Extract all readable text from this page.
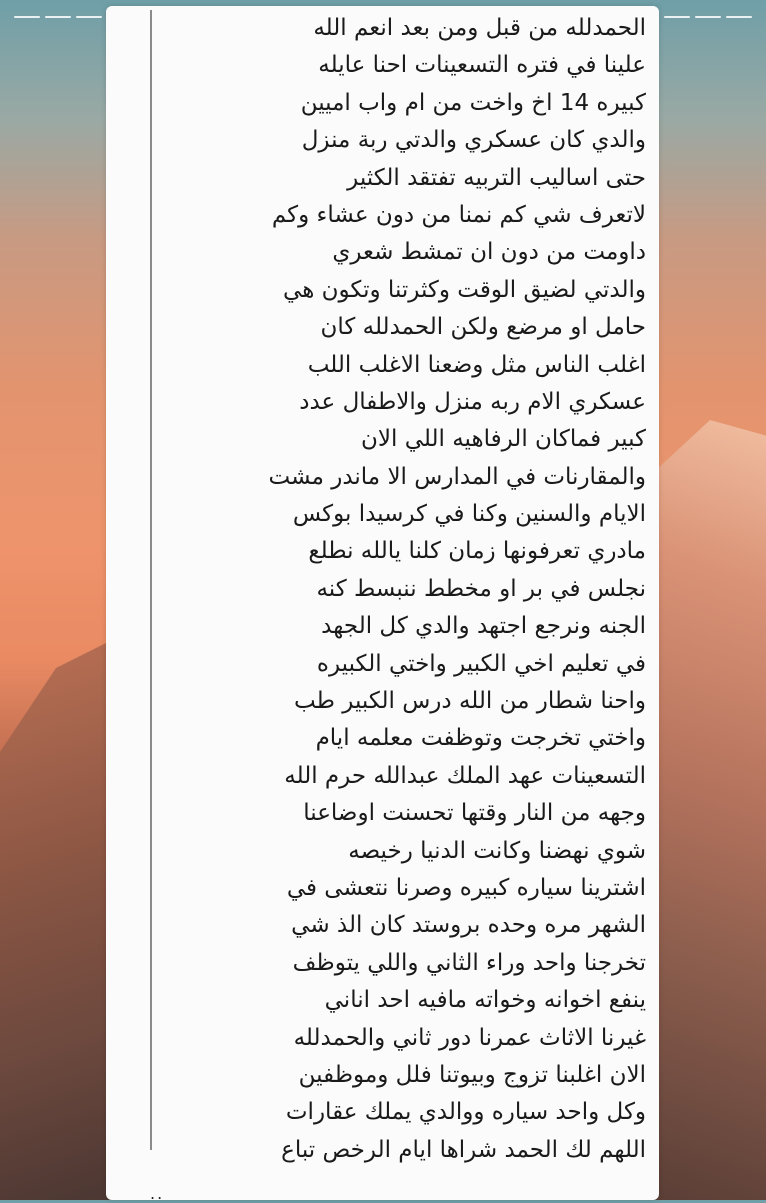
الحمدلله من قبل ومن بعد انعم الله
علينا في فتره التسعينات احنا عايله
كبيره 14 اخ واخت من ام واب اميين
والدي كان عسكري والدتي ربة منزل
حتى اساليب التربيه تفتقد الكثير
لاتعرف شي كم نمنا من دون عشاء وكم
داومت من دون ان تمشط شعري
والدتي لضيق الوقت وكثرتنا وتكون هي
حامل او مرضع ولكن الحمدلله كان
اغلب الناس مثل وضعنا الاغلب اللب
عسكري الام ربه منزل والاطفال عدد
كبير فماكان الرفاهيه اللي الان
والمقارنات في المدارس الا ماندر مشت
الايام والسنين وكنا في كرسيدا بوكس
مادري تعرفونها زمان كلنا يالله نطلع
نجلس في بر او مخطط ننبسط كنه
الجنه ونرجع اجتهد والدي كل الجهد
في تعليم اخي الكبير واختي الكبيره
واحنا شطار من الله درس الكبير طب
واختي تخرجت وتوظفت معلمه ايام
التسعينات عهد الملك عبدالله حرم الله
وجهه من النار وقتها تحسنت اوضاعنا
شوي نهضنا وكانت الدنيا رخيصه
اشترينا سياره كبيره وصرنا نتعشى في
الشهر مره وحده بروستد كان الذ شي
تخرجنا واحد وراء الثاني واللي يتوظف
ينفع اخوانه وخواته مافيه احد اناني
غيرنا الاثاث عمرنا دور ثاني والحمدلله
الان اغلبنا تزوج وبيوتنا فلل وموظفين
وكل واحد سياره ووالدي يملك عقارات
اللهم لك الحمد شراها ايام الرخص تباع
..
